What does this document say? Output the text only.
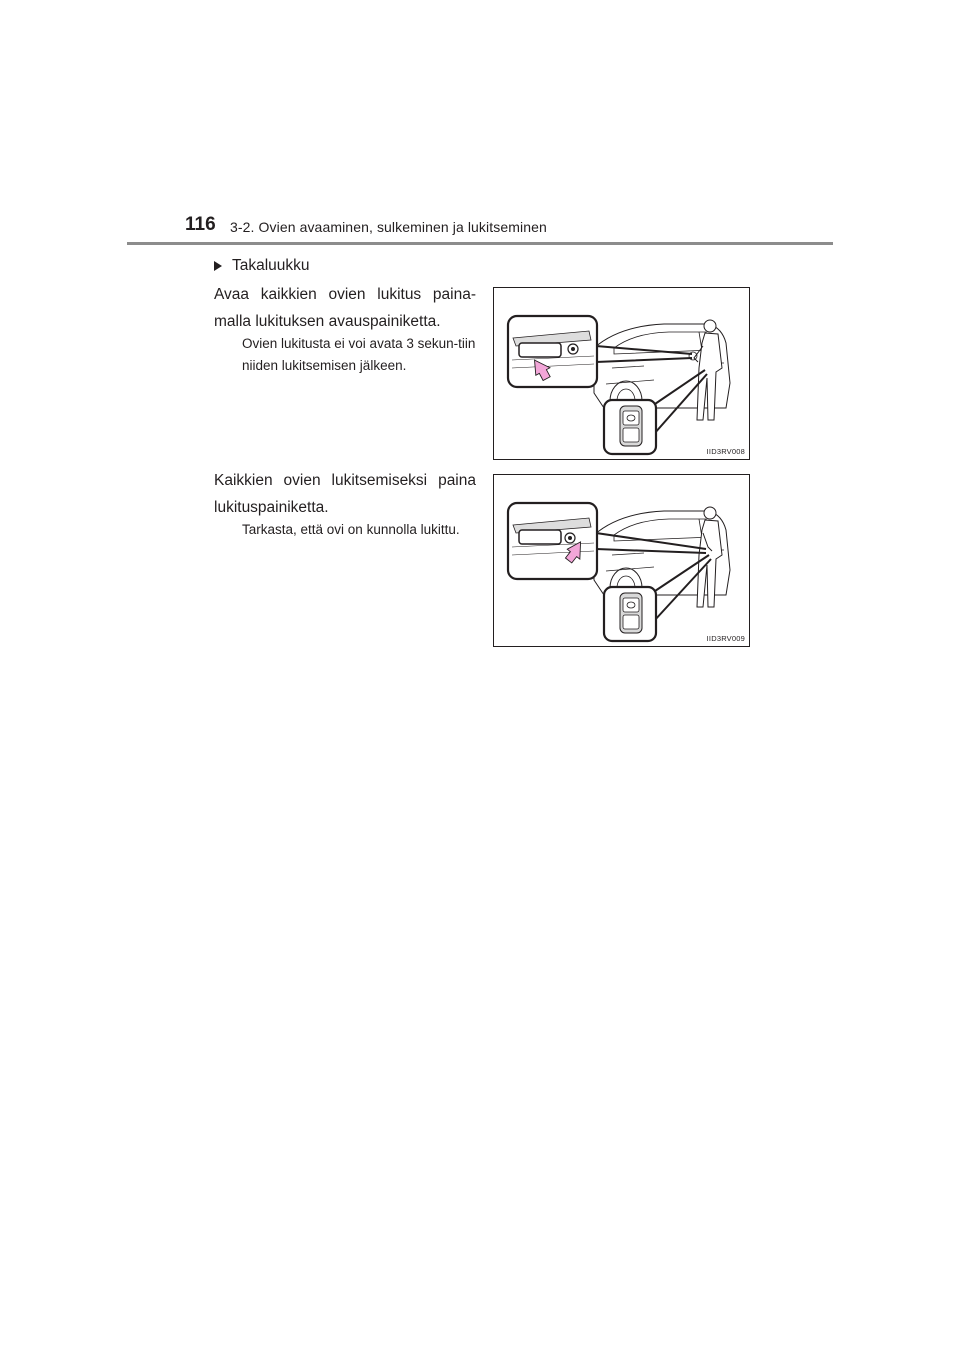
116 3-2. Ovien avaaminen, sulkeminen ja lukitseminen
Takaluukku
Avaa kaikkien ovien lukitus paina-malla lukituksen avauspainiketta.
Ovien lukitusta ei voi avata 3 sekun-tiin niiden lukitsemisen jälkeen.
Kaikkien ovien lukitsemiseksi paina lukituspainiketta.
Tarkasta, että ovi on kunnolla lukittu.
IID3RV008
IID3RV009
